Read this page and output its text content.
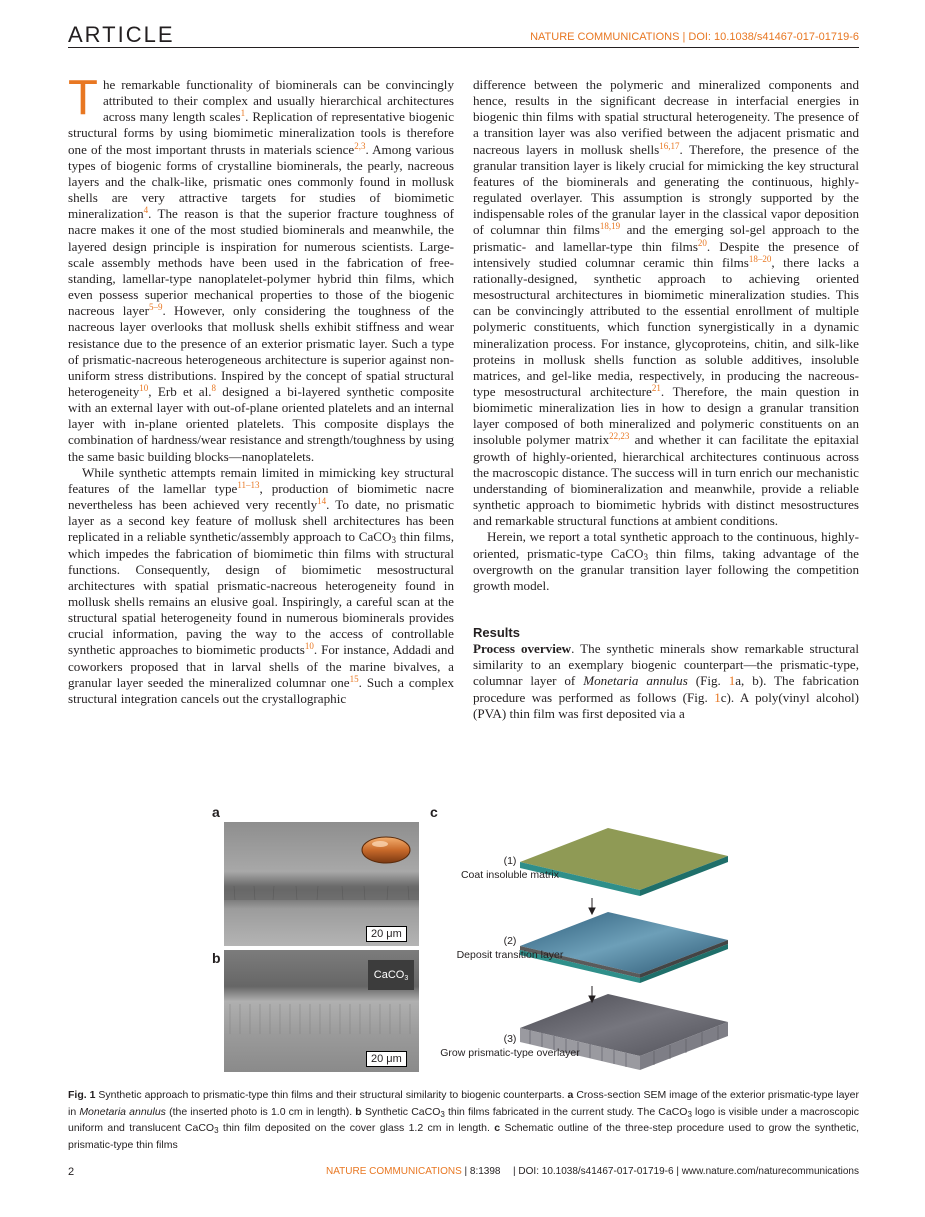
ARTICLE	NATURE COMMUNICATIONS | DOI: 10.1038/s41467-017-01719-6

The remarkable functionality of biominerals can be convincingly attributed to their complex and usually hierarchical architectures across many length scales$^1$. Replication of representative biogenic structural forms by using biomimetic mineralization tools is therefore one of the most important thrusts in materials science$^{2,3}$. Among various types of biogenic forms of crystalline biominerals, the pearly, nacreous layers and the chalk-like, prismatic ones commonly found in mollusk shells are very attractive targets for studies of biomimetic mineralization$^4$. The reason is that the superior fracture toughness of nacre makes it one of the most studied biominerals and meanwhile, the layered design principle is inspiration for numerous scientists. Large-scale assembly methods have been used in the fabrication of free-standing, lamellar-type nanoplatelet-polymer hybrid thin films, which even possess superior mechanical properties to those of the biogenic nacreous layer$^{5-9}$. However, only considering the toughness of the nacreous layer overlooks that mollusk shells exhibit stiffness and wear resistance due to the presence of an exterior prismatic layer. Such a type of prismatic-nacreous heterogeneous architecture is superior against non-uniform stress distributions. Inspired by the concept of spatial structural heterogeneity$^{10}$, Erb et al.$^8$ designed a bi-layered synthetic composite with an external layer with out-of-plane oriented platelets and an internal layer with in-plane oriented platelets. This composite displays the combination of hardness/wear resistance and strength/toughness by using the same basic building blocks—nanoplatelets.

While synthetic attempts remain limited in mimicking key structural features of the lamellar type$^{11-13}$, production of biomimetic nacre nevertheless has been achieved very recently$^{14}$. To date, no prismatic layer as a second key feature of mollusk shell architectures has been replicated in a reliable synthetic/assembly approach to CaCO$_3$ thin films, which impedes the fabrication of biomimetic thin films with structural functions. Consequently, design of biomimetic mesostructural architectures with spatial prismatic-nacreous heterogeneity found in mollusk shells remains an elusive goal. Inspiringly, a careful scan at the structural spatial heterogeneity found in numerous biominerals provides crucial information, paving the way to the access of controllable synthetic approaches to biomimetic products$^{10}$. For instance, Addadi and coworkers proposed that in larval shells of the marine bivalves, a granular layer seeded the mineralized columnar one$^{15}$. Such a complex structural integration cancels out the crystallographic

difference between the polymeric and mineralized components and hence, results in the significant decrease in interfacial energies in biogenic thin films with spatial structural heterogeneity. The presence of a transition layer was also verified between the adjacent prismatic and nacreous layers in mollusk shells$^{16,17}$. Therefore, the presence of the granular transition layer is likely crucial for mimicking the key structural features of the biominerals and generating the continuous, highly-regulated overlayer. This assumption is strongly supported by the indispensable roles of the granular layer in the classical vapor deposition of columnar thin films$^{18,19}$ and the emerging sol-gel approach to the prismatic- and lamellar-type thin films$^{20}$. Despite the presence of intensively studied columnar ceramic thin films$^{18-20}$, there lacks a rationally-designed, synthetic approach to achieving oriented mesostructural architectures in biomimetic mineralization studies. This can be convincingly attributed to the essential enrollment of multiple polymeric constituents, which function synergistically in a dynamic mineralization process. For instance, glycoproteins, chitin, and silk-like proteins in mollusk shells function as soluble additives, insoluble matrices, and gel-like media, respectively, in producing the nacreous-type mesostructural architecture$^{21}$. Therefore, the main question in biomimetic mineralization lies in how to design a granular transition layer composed of both mineralized and polymeric constituents on an insoluble polymer matrix$^{22,23}$ and whether it can facilitate the epitaxial growth of highly-oriented, hierarchical architectures continuous across the macroscopic distance. The success will in turn enrich our mechanistic understanding of biomineralization and meanwhile, provide a reliable synthetic approach to biomimetic hybrids with distinct mesostructures and remarkable structural functions at ambient conditions.

Herein, we report a total synthetic approach to the continuous, highly-oriented, prismatic-type CaCO$_3$ thin films, taking advantage of the overgrowth on the granular transition layer following the competition growth model.

Results

Process overview. The synthetic minerals show remarkable structural similarity to an exemplary biogenic counterpart—the prismatic-type, columnar layer of Monetaria annulus (Fig. 1a, b). The fabrication procedure was performed as follows (Fig. 1c). A poly(vinyl alcohol) (PVA) thin film was first deposited via a

a	c
b
20 μm
CaCO$_3$
20 μm
(1)
Coat insoluble matrix
(2)
Deposit transition layer
(3)
Grow prismatic-type overlayer
Fig. 1 Synthetic approach to prismatic-type thin films and their structural similarity to biogenic counterparts. a Cross-section SEM image of the exterior prismatic-type layer in Monetaria annulus (the inserted photo is 1.0 cm in length). b Synthetic CaCO$_3$ thin films fabricated in the current study. The CaCO$_3$ logo is visible under a macroscopic uniform and translucent CaCO$_3$ thin film deposited on the cover glass 1.2 cm in length. c Schematic outline of the three-step procedure used to grow the synthetic, prismatic-type thin films
2	NATURE COMMUNICATIONS | 8:1398 | DOI: 10.1038/s41467-017-01719-6 | www.nature.com/naturecommunications
